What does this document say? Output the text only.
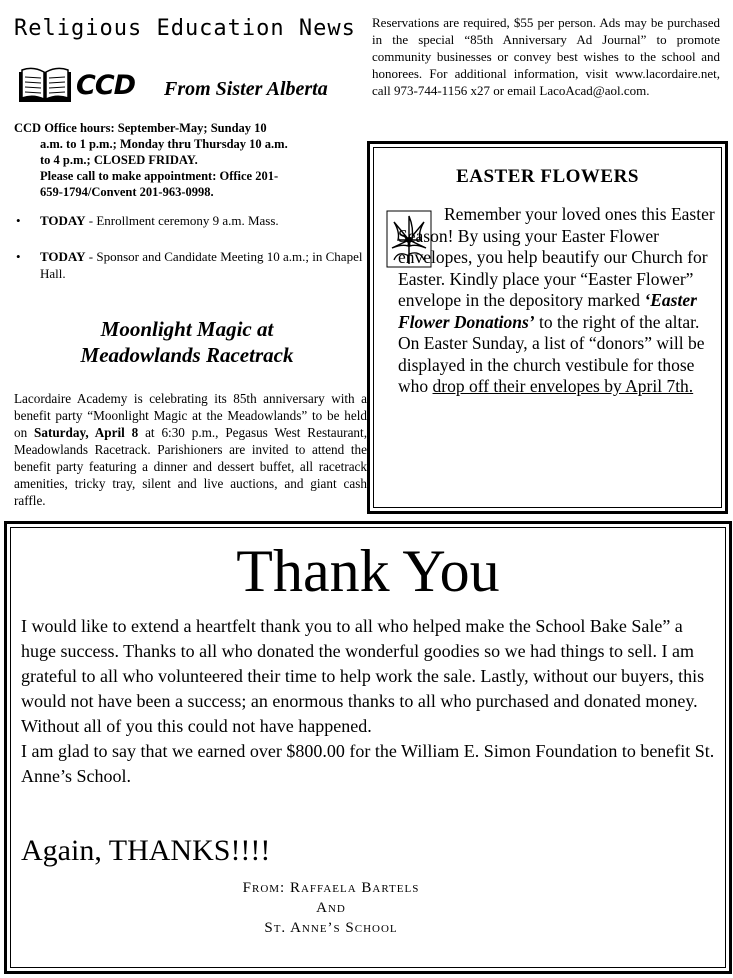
Religious Education News
CCD From Sister Alberta
CCD Office hours: September-May; Sunday 10
a.m. to 1 p.m.; Monday thru Thursday 10 a.m.
to 4 p.m.; CLOSED FRIDAY.
Please call to make appointment: Office 201-
659-1794/Convent 201-963-0998.
•	TODAY - Enrollment ceremony 9 a.m. Mass.
•	TODAY - Sponsor and Candidate Meeting 10 a.m.; in Chapel Hall.
Moonlight Magic at
Meadowlands Racetrack
Lacordaire Academy is celebrating its 85th anniversary with a benefit party “Moonlight Magic at the Meadowlands” to be held on Saturday, April 8 at 6:30 p.m., Pegasus West Restaurant, Meadowlands Racetrack. Parishioners are invited to attend the benefit party featuring a dinner and dessert buffet, all racetrack amenities, tricky tray, silent and live auctions, and giant cash raffle.
Reservations are required, $55 per person. Ads may be purchased in the special “85th Anniversary Ad Journal” to promote community businesses or convey best wishes to the school and honorees. For additional information, visit www.lacordaire.net, call 973-744-1156 x27 or email LacoAcad@aol.com.
EASTER FLOWERS

Remember your loved ones this Easter Season! By using your Easter Flower envelopes, you help beautify our Church for Easter. Kindly place your “Easter Flower” envelope in the depository marked ‘Easter Flower Donations’ to the right of the altar.

On Easter Sunday, a list of “donors” will be displayed in the church vestibule for those who drop off their envelopes by April 7th.

Thank You

I would like to extend a heartfelt thank you to all who helped make the School Bake Sale” a huge success. Thanks to all who donated the wonderful goodies so we had things to sell. I am grateful to all who volunteered their time to help work the sale. Lastly, without our buyers, this would not have been a success; an enormous thanks to all who purchased and donated money. Without all of you this could not have happened.

I am glad to say that we earned over $800.00 for the William E. Simon Foundation to benefit St. Anne’s School.

Again, THANKS!!!!
From: Raffaela Bartels
And
St. Anne’s School
